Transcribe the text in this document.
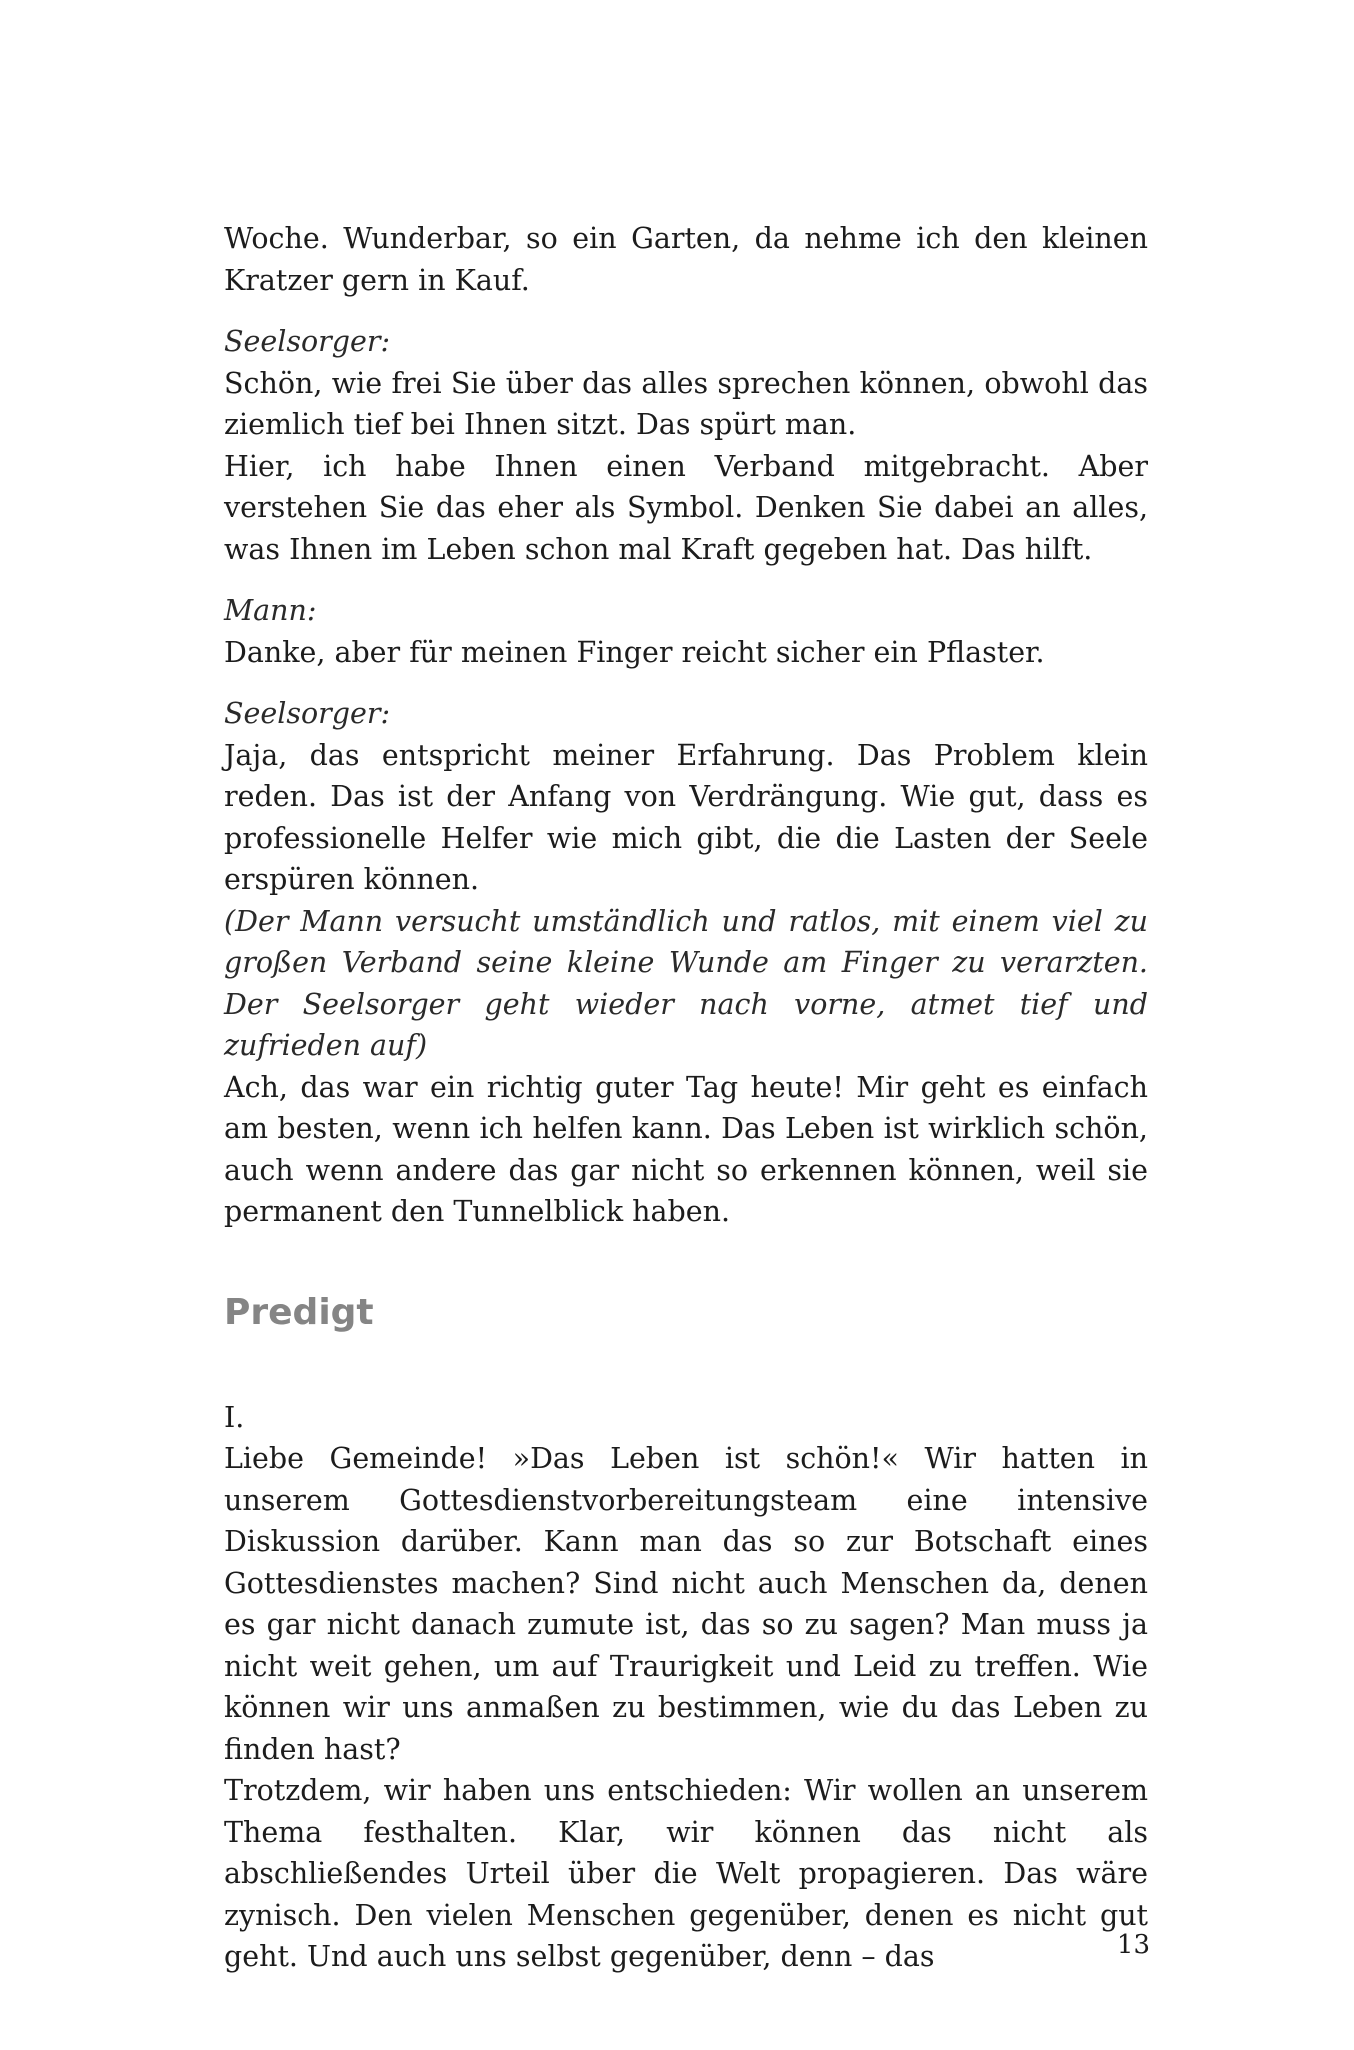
Woche. Wunderbar, so ein Garten, da nehme ich den kleinen Kratzer gern in Kauf.

Seelsorger:

Schön, wie frei Sie über das alles sprechen können, obwohl das ziemlich tief bei Ihnen sitzt. Das spürt man.

Hier, ich habe Ihnen einen Verband mitgebracht. Aber verstehen Sie das eher als Symbol. Denken Sie dabei an alles, was Ihnen im Leben schon mal Kraft gegeben hat. Das hilft.

Mann:

Danke, aber für meinen Finger reicht sicher ein Pflaster.

Seelsorger:

Jaja, das entspricht meiner Erfahrung. Das Problem klein reden. Das ist der Anfang von Verdrängung. Wie gut, dass es professionelle Helfer wie mich gibt, die die Lasten der Seele erspüren können.

(Der Mann versucht umständlich und ratlos, mit einem viel zu großen Verband seine kleine Wunde am Finger zu verarzten. Der Seelsorger geht wieder nach vorne, atmet tief und zufrieden auf)

Ach, das war ein richtig guter Tag heute! Mir geht es einfach am besten, wenn ich helfen kann. Das Leben ist wirklich schön, auch wenn andere das gar nicht so erkennen können, weil sie permanent den Tunnelblick haben.

Predigt

I.

Liebe Gemeinde! »Das Leben ist schön!« Wir hatten in unserem Gottesdienstvorbereitungsteam eine intensive Diskussion darüber. Kann man das so zur Botschaft eines Gottesdienstes machen? Sind nicht auch Menschen da, denen es gar nicht danach zumute ist, das so zu sagen? Man muss ja nicht weit gehen, um auf Traurigkeit und Leid zu treffen. Wie können wir uns anmaßen zu bestimmen, wie du das Leben zu finden hast?

Trotzdem, wir haben uns entschieden: Wir wollen an unserem Thema festhalten. Klar, wir können das nicht als abschließendes Urteil über die Welt propagieren. Das wäre zynisch. Den vielen Menschen gegenüber, denen es nicht gut geht. Und auch uns selbst gegenüber, denn – das	13
